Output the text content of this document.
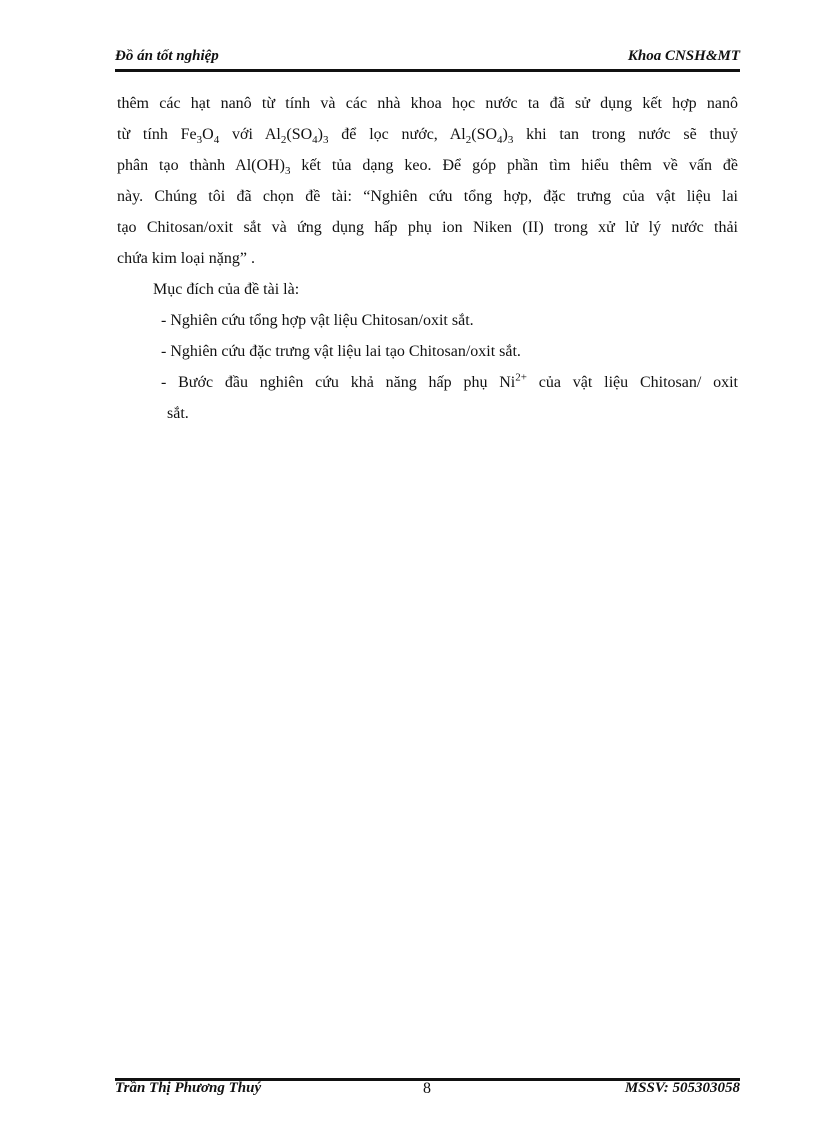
Đồ án tốt nghiệp	Khoa CNSH&MT

thêm các hạt nanô từ tính và các nhà khoa học nước ta đã sử dụng kết hợp nanô
từ tính $Fe_3O_4$ với $Al_2(SO_4)_3$ để lọc nước, $Al_2(SO_4)_3$ khi tan trong nước sẽ thuỷ
phân tạo thành $Al(OH)_3$ kết tủa dạng keo. Để góp phần tìm hiểu thêm về vấn đề
này. Chúng tôi đã chọn đề tài: “Nghiên cứu tổng hợp, đặc trưng của vật liệu lai
tạo Chitosan/oxit sắt và ứng dụng hấp phụ ion Niken (II) trong xử lử lý nước thải
chứa kim loại nặng” .

Mục đích của đề tài là:

- Nghiên cứu tổng hợp vật liệu Chitosan/oxit sắt.
- Nghiên cứu đặc trưng vật liệu lai tạo Chitosan/oxit sắt.
- Bước đầu nghiên cứu khả năng hấp phụ $Ni^{2+}$ của vật liệu Chitosan/ oxit
sắt.
Trần Thị Phương Thuý	8	MSSV: 505303058
